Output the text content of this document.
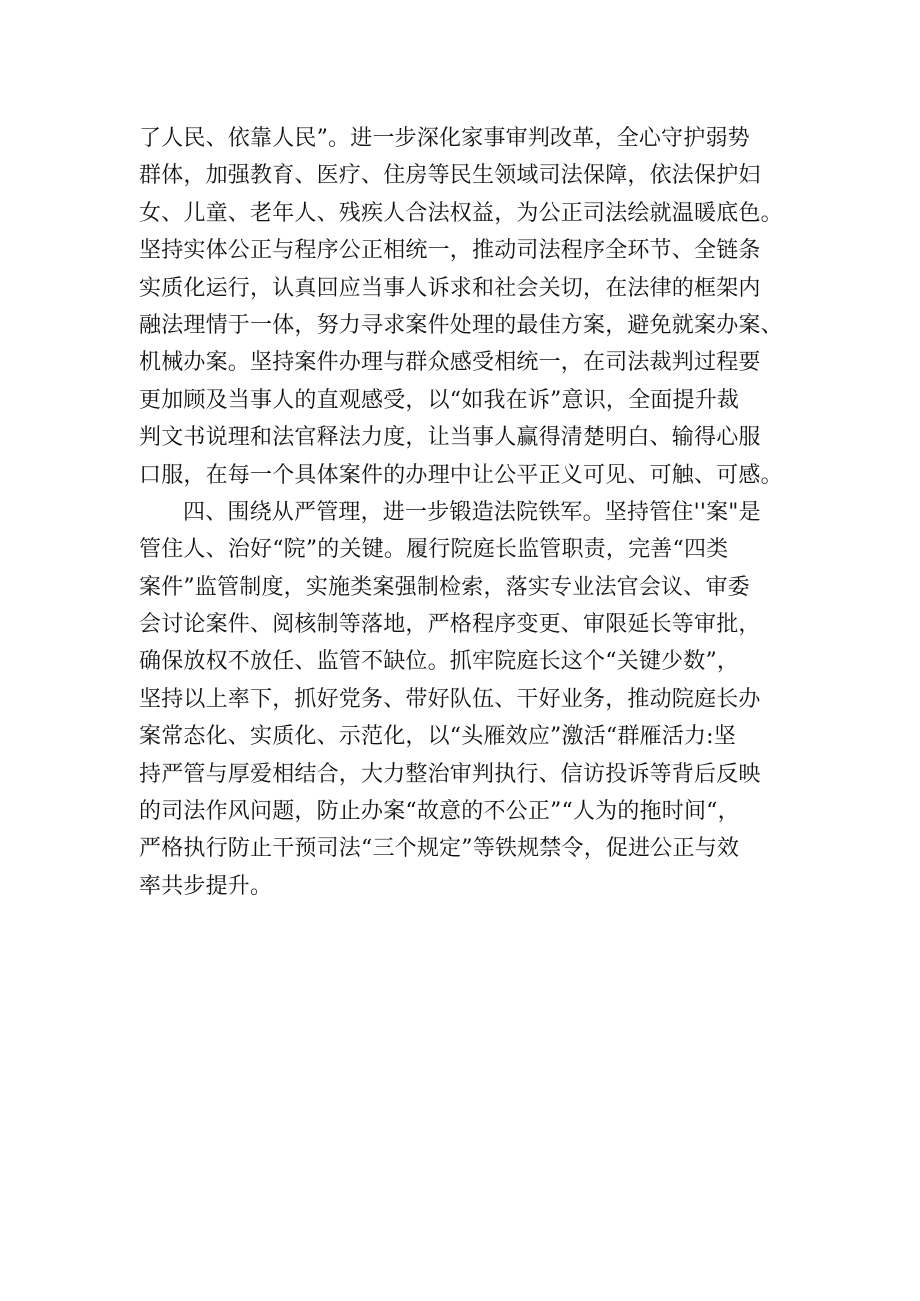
了人民、依靠人民”。进一步深化家事审判改革，全心守护弱势
群体，加强教育、医疗、住房等民生领域司法保障，依法保护妇
女、儿童、老年人、残疾人合法权益，为公正司法绘就温暖底色。
坚持实体公正与程序公正相统一，推动司法程序全环节、全链条
实质化运行，认真回应当事人诉求和社会关切，在法律的框架内
融法理情于一体，努力寻求案件处理的最佳方案，避免就案办案、
机械办案。坚持案件办理与群众感受相统一，在司法裁判过程要
更加顾及当事人的直观感受，以“如我在诉”意识，全面提升裁
判文书说理和法官释法力度，让当事人赢得清楚明白、输得心服
口服，在每一个具体案件的办理中让公平正义可见、可触、可感。
四、围绕从严管理，进一步锻造法院铁军。坚持管住''案"是
管住人、治好“院”的关键。履行院庭长监管职责，完善“四类
案件”监管制度，实施类案强制检索，落实专业法官会议、审委
会讨论案件、阅核制等落地，严格程序变更、审限延长等审批，
确保放权不放任、监管不缺位。抓牢院庭长这个“关键少数”，
坚持以上率下，抓好党务、带好队伍、干好业务，推动院庭长办
案常态化、实质化、示范化，以“头雁效应”激活“群雁活力:坚
持严管与厚爱相结合，大力整治审判执行、信访投诉等背后反映
的司法作风问题，防止办案“故意的不公正”“人为的拖时间“，
严格执行防止干预司法“三个规定”等铁规禁令，促进公正与效
率共步提升。
